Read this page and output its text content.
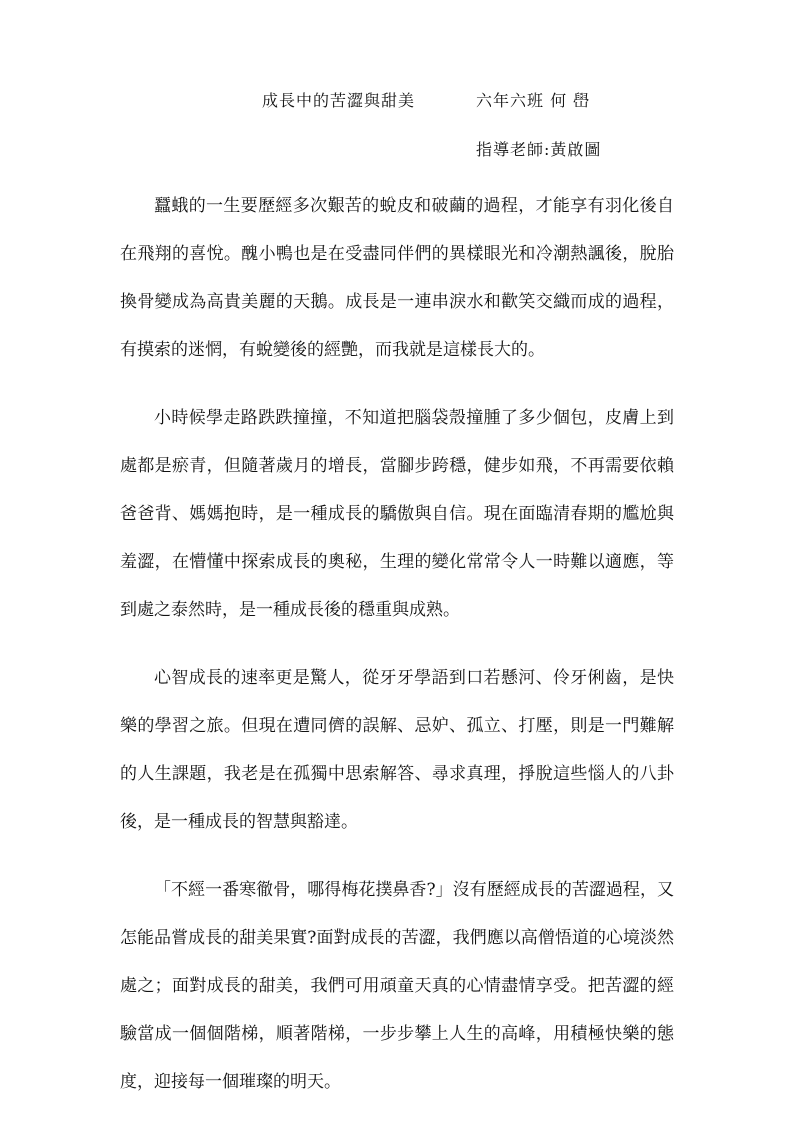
成長中的苦澀與甜美	六年六班 何 嶨
指導老師:黃啟圖

蠶蛾的一生要歷經多次艱苦的蛻皮和破繭的過程，才能享有羽化後自在飛翔的喜悅。醜小鴨也是在受盡同伴們的異樣眼光和冷潮熱諷後，脫胎換骨變成為高貴美麗的天鵝。成長是一連串淚水和歡笑交織而成的過程，有摸索的迷惘，有蛻變後的經艷，而我就是這樣長大的。

小時候學走路跌跌撞撞，不知道把腦袋殼撞腫了多少個包，皮膚上到處都是瘀青，但隨著歲月的增長，當腳步跨穩，健步如飛，不再需要依賴爸爸背、媽媽抱時，是一種成長的驕傲與自信。現在面臨清春期的尷尬與羞澀，在懵懂中探索成長的奧秘，生理的變化常常令人一時難以適應，等到處之泰然時，是一種成長後的穩重與成熟。

心智成長的速率更是驚人，從牙牙學語到口若懸河、伶牙俐齒，是快樂的學習之旅。但現在遭同儕的誤解、忌妒、孤立、打壓，則是一門難解的人生課題，我老是在孤獨中思索解答、尋求真理，掙脫這些惱人的八卦後，是一種成長的智慧與豁達。

「不經一番寒徹骨，哪得梅花撲鼻香?」沒有歷經成長的苦澀過程，又怎能品嘗成長的甜美果實?面對成長的苦澀，我們應以高僧悟道的心境淡然處之；面對成長的甜美，我們可用頑童天真的心情盡情享受。把苦澀的經驗當成一個個階梯，順著階梯，一步步攀上人生的高峰，用積極快樂的態度，迎接每一個璀璨的明天。
